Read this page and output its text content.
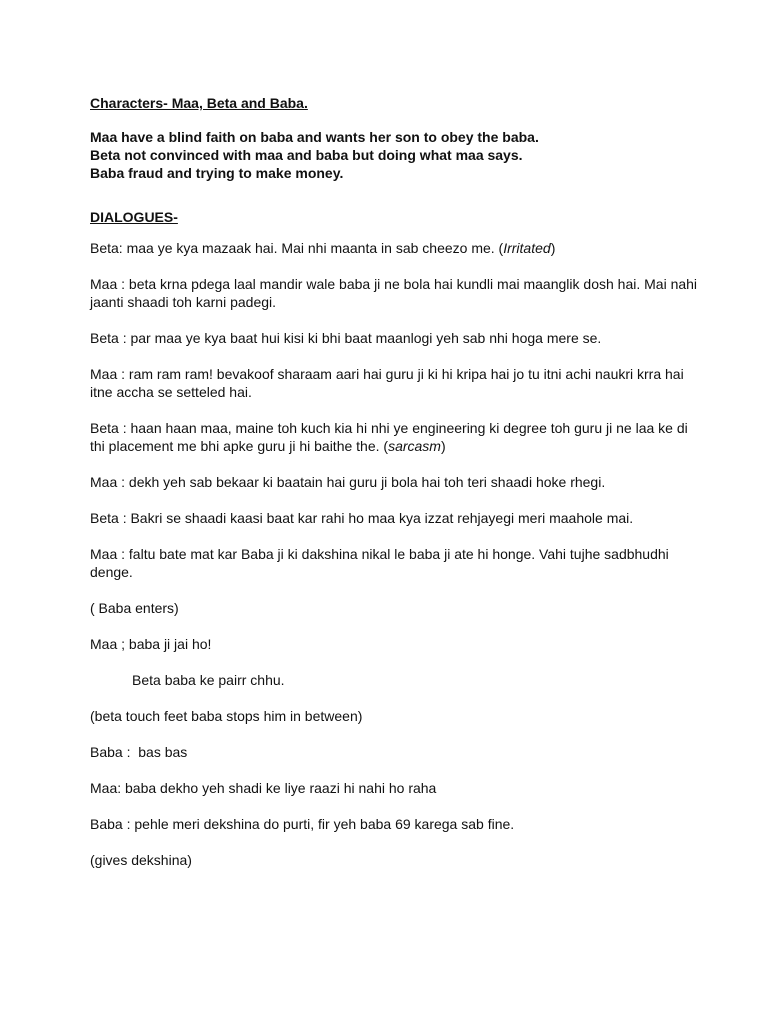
Characters- Maa, Beta and Baba.
Maa have a blind faith on baba and wants her son to obey the baba.
Beta not convinced with maa and baba but doing what maa says.
Baba fraud and trying to make money.
DIALOGUES-

Beta: maa ye kya mazaak hai. Mai nhi maanta in sab cheezo me. (Irritated)

Maa : beta krna pdega laal mandir wale baba ji ne bola hai kundli mai maanglik dosh hai. Mai nahi jaanti shaadi toh karni padegi.

Beta : par maa ye kya baat hui kisi ki bhi baat maanlogi yeh sab nhi hoga mere se.

Maa : ram ram ram! bevakoof sharaam aari hai guru ji ki hi kripa hai jo tu itni achi naukri krra hai itne accha se setteled hai.

Beta : haan haan maa, maine toh kuch kia hi nhi ye engineering ki degree toh guru ji ne laa ke di thi placement me bhi apke guru ji hi baithe the. (sarcasm)

Maa : dekh yeh sab bekaar ki baatain hai guru ji bola hai toh teri shaadi hoke rhegi.

Beta : Bakri se shaadi kaasi baat kar rahi ho maa kya izzat rehjayegi meri maahole mai.

Maa : faltu bate mat kar Baba ji ki dakshina nikal le baba ji ate hi honge. Vahi tujhe sadbhudhi denge.

( Baba enters)

Maa ; baba ji jai ho!

Beta baba ke pairr chhu.

(beta touch feet baba stops him in between)

Baba :  bas bas

Maa: baba dekho yeh shadi ke liye raazi hi nahi ho raha

Baba : pehle meri dekshina do purti, fir yeh baba 69 karega sab fine.

(gives dekshina)
